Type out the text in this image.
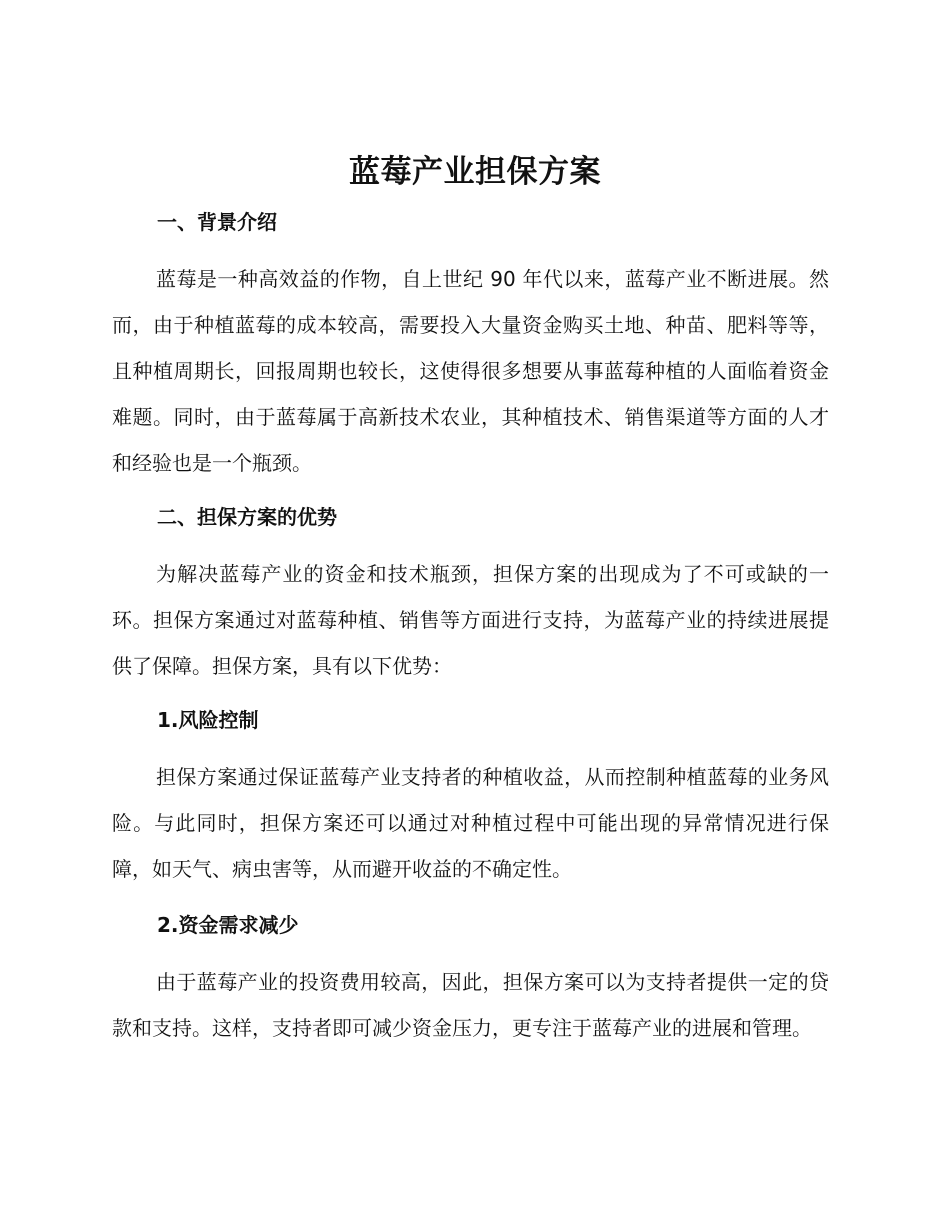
蓝莓产业担保方案
一、背景介绍

蓝莓是一种高效益的作物，自上世纪 90 年代以来，蓝莓产业不断进展。然而，由于种植蓝莓的成本较高，需要投入大量资金购买土地、种苗、肥料等等，且种植周期长，回报周期也较长，这使得很多想要从事蓝莓种植的人面临着资金难题。同时，由于蓝莓属于高新技术农业，其种植技术、销售渠道等方面的人才和经验也是一个瓶颈。

二、担保方案的优势

为解决蓝莓产业的资金和技术瓶颈，担保方案的出现成为了不可或缺的一环。担保方案通过对蓝莓种植、销售等方面进行支持，为蓝莓产业的持续进展提供了保障。担保方案，具有以下优势：

1.风险控制

担保方案通过保证蓝莓产业支持者的种植收益，从而控制种植蓝莓的业务风险。与此同时，担保方案还可以通过对种植过程中可能出现的异常情况进行保障，如天气、病虫害等，从而避开收益的不确定性。

2.资金需求减少

由于蓝莓产业的投资费用较高，因此，担保方案可以为支持者提供一定的贷款和支持。这样，支持者即可减少资金压力，更专注于蓝莓产业的进展和管理。
